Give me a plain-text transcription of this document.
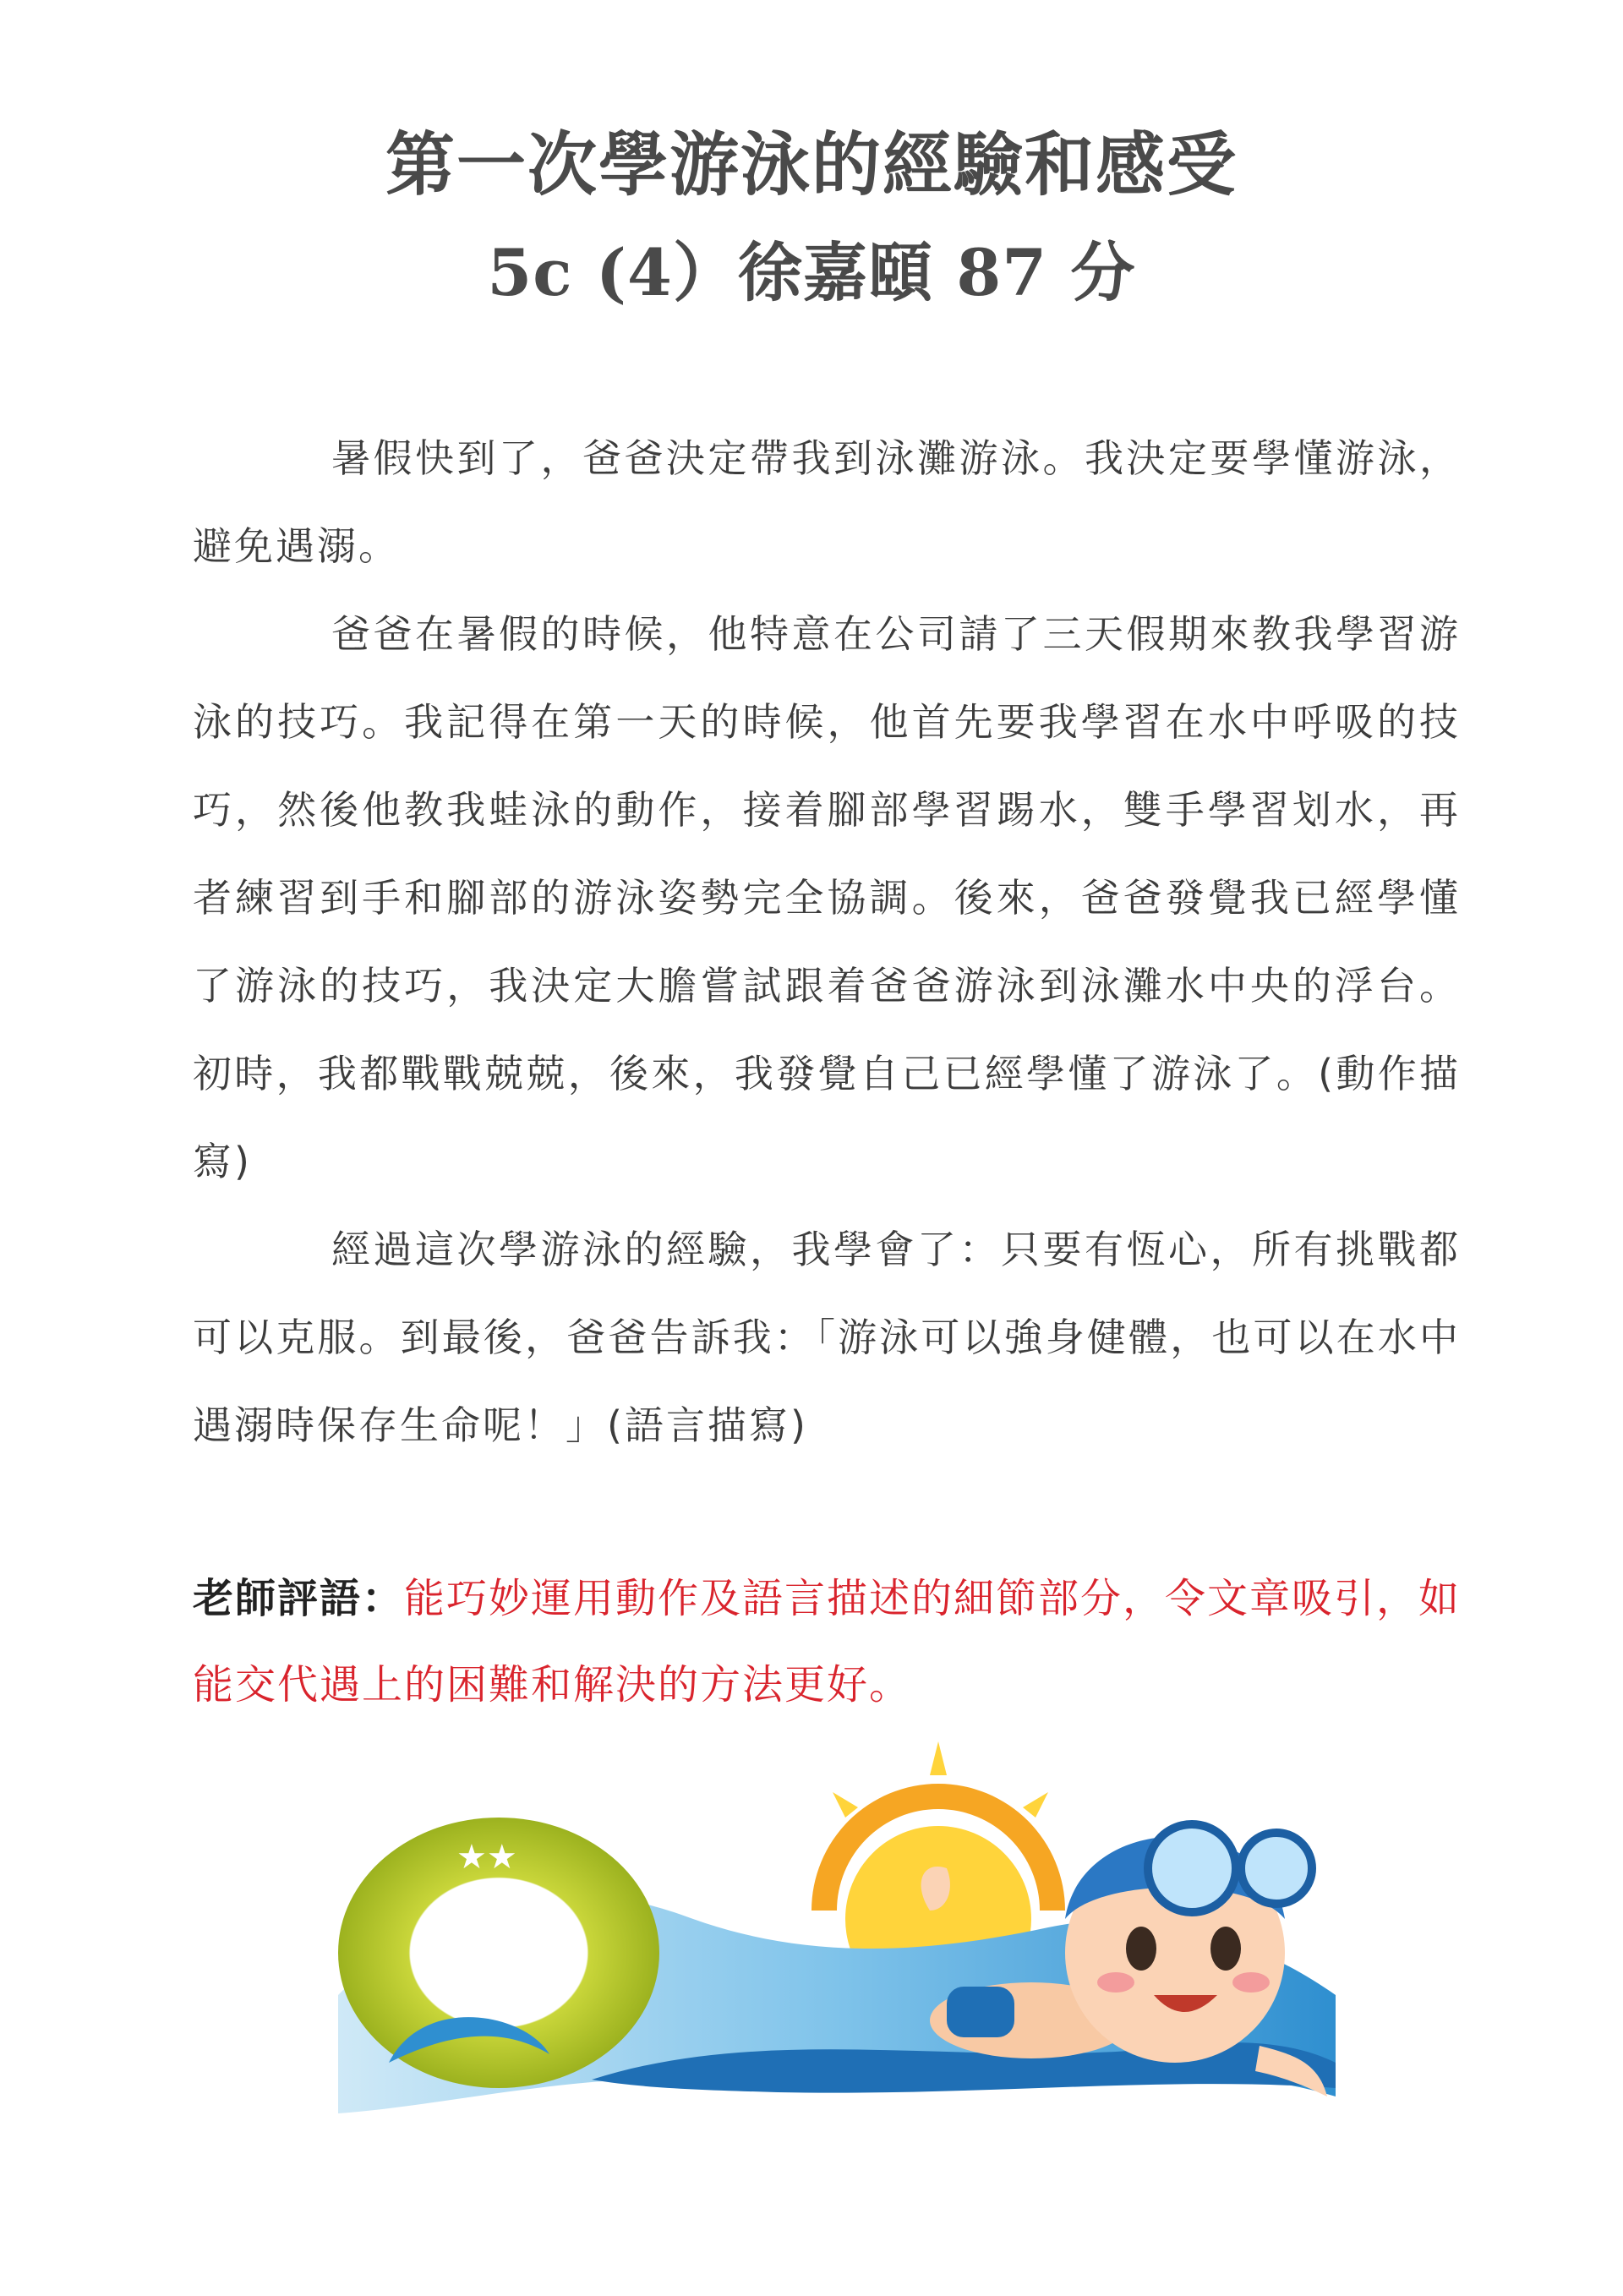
第一次學游泳的經驗和感受
5c (4）徐嘉頤 87 分

暑假快到了，爸爸決定帶我到泳灘游泳。我決定要學懂游泳，避免遇溺。

爸爸在暑假的時候，他特意在公司請了三天假期來教我學習游泳的技巧。我記得在第一天的時候，他首先要我學習在水中呼吸的技巧，然後他教我蛙泳的動作，接着腳部學習踢水，雙手學習划水，再者練習到手和腳部的游泳姿勢完全協調。後來，爸爸發覺我已經學懂了游泳的技巧，我決定大膽嘗試跟着爸爸游泳到泳灘水中央的浮台。初時，我都戰戰兢兢，後來，我發覺自己已經學懂了游泳了。(動作描寫)

經過這次學游泳的經驗，我學會了：只要有恆心，所有挑戰都可以克服。到最後，爸爸告訴我：「游泳可以強身健體，也可以在水中遇溺時保存生命呢！」(語言描寫)

老師評語：能巧妙運用動作及語言描述的細節部分，令文章吸引，如能交代遇上的困難和解決的方法更好。

★★
